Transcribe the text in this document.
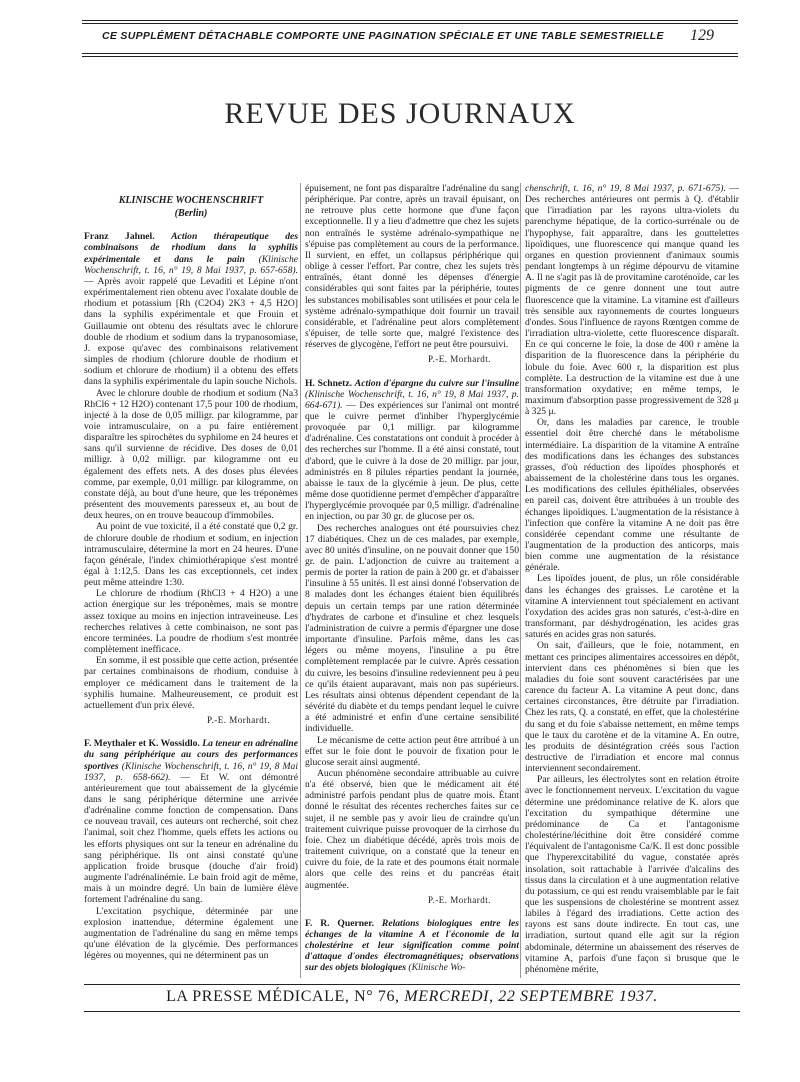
CE SUPPLÉMENT DÉTACHABLE COMPORTE UNE PAGINATION SPÉCIALE ET UNE TABLE SEMESTRIELLE 129
REVUE DES JOURNAUX
KLINISCHE WOCHENSCHRIFT
(Berlin)

Franz Jahnel. Action thérapeutique des combinaisons de rhodium dans la syphilis expérimentale et dans le pain (Klinische Wochenschrift, t. 16, n° 19, 8 Mai 1937, p. 657-658). — Après avoir rappelé que Levaditi et Lépine n'ont expérimentalement rien obtenu avec l'oxalate double de rhodium et potassium [Rh (C2O4) 2K3 + 4,5 H2O] dans la syphilis expérimentale et que Frouin et Guillaumie ont obtenu des résultats avec le chlorure double de rhodium et sodium dans la trypanosomiase, J. expose qu'avec des combinaisons relativement simples de rhodium (chlorure double de rhodium et sodium et chlorure de rhodium) il a obtenu des effets dans la syphilis expérimentale du lapin souche Nichols.

Avec le chlorure double de rhodium et sodium (Na3 RhCl6 + 12 H2O) contenant 17,5 pour 100 de rhodium, injecté à la dose de 0,05 milligr. par kilogramme, par voie intramusculaire, on a pu faire entièrement disparaître les spirochètes du syphilome en 24 heures et sans qu'il survienne de récidive. Des doses de 0,01 milligr. à 0,02 milligr. par kilogramme ont eu également des effets nets. A des doses plus élevées comme, par exemple, 0,01 milligr. par kilogramme, on constate déjà, au bout d'une heure, que les tréponèmes présentent des mouvements paresseux et, au bout de deux heures, on en trouve beaucoup d'immobiles.

Au point de vue toxicité, il a été constaté que 0,2 gr. de chlorure double de rhodium et sodium, en injection intramusculaire, détermine la mort en 24 heures. D'une façon générale, l'index chimiothérapique s'est montré égal à 1:12,5. Dans les cas exceptionnels, cet index peut même atteindre 1:30.

Le chlorure de rhodium (RhCl3 + 4 H2O) a une action énergique sur les tréponèmes, mais se montre assez toxique au moins en injection intraveineuse. Les recherches relatives à cette combinaison, ne sont pas encore terminées. La poudre de rhodium s'est montrée complètement inefficace.

En somme, il est possible que cette action, présentée par certaines combinaisons de rhodium, conduise à employer ce médicament dans le traitement de la syphilis humaine. Malheureusement, ce produit est actuellement d'un prix élevé.

P.-E. Morhardt.

F. Meythaler et K. Wossidlo. La teneur en adrénaline du sang périphérique au cours des performances sportives (Klinische Wochenschrift, t. 16, n° 19, 8 Mai 1937, p. 658-662). — Et W. ont démontré antérieurement que tout abaissement de la glycémie dans le sang périphérique détermine une arrivée d'adrénaline comme fonction de compensation. Dans ce nouveau travail, ces auteurs ont recherché, soit chez l'animal, soit chez l'homme, quels effets les actions ou les efforts physiques ont sur la teneur en adrénaline du sang périphérique. Ils ont ainsi constaté qu'une application froide brusque (douche d'air froid) augmente l'adrénalinémie. Le bain froid agit de même, mais à un moindre degré. Un bain de lumière élève fortement l'adrénaline du sang.

L'excitation psychique, déterminée par une explosion inattendue, détermine également une augmentation de l'adrénaline du sang en même temps qu'une élévation de la glycémie. Des performances légères ou moyennes, qui ne déterminent pas un

épuisement, ne font pas disparaître l'adrénaline du sang périphérique. Par contre, après un travail épuisant, on ne retrouve plus cette hormone que d'une façon exceptionnelle. Il y a lieu d'admettre que chez les sujets non entraînés le système adrénalo-sympathique ne s'épuise pas complètement au cours de la performance. Il survient, en effet, un collapsus périphérique qui oblige à cesser l'effort. Par contre, chez les sujets très entraînés, étant donné les dépenses d'énergie considérables qui sont faites par la périphérie, toutes les substances mobilisables sont utilisées et pour cela le système adrénalo-sympathique doit fournir un travail considérable, et l'adrénaline peut alors complètement s'épuiser, de telle sorte que, malgré l'existence des réserves de glycogène, l'effort ne peut être poursuivi.

P.-E. Morhardt.

H. Schnetz. Action d'épargne du cuivre sur l'insuline (Klinische Wochenschrift, t. 16, n° 19, 8 Mai 1937, p. 664-671). — Des expériences sur l'animal ont montré que le cuivre permet d'inhiber l'hyperglycémie provoquée par 0,1 milligr. par kilogramme d'adrénaline. Ces constatations ont conduit à procéder à des recherches sur l'homme. Il a été ainsi constaté, tout d'abord, que le cuivre à la dose de 20 milligr. par jour, administrés en 8 pilules réparties pendant la journée, abaisse le taux de la glycémie à jeun. De plus, cette même dose quotidienne permet d'empêcher d'apparaître l'hyperglycémie provoquée par 0,5 milligr. d'adrénaline en injection, ou par 30 gr. de glucose per os.

Des recherches analogues ont été poursuivies chez 17 diabétiques. Chez un de ces malades, par exemple, avec 80 unités d'insuline, on ne pouvait donner que 150 gr. de pain. L'adjonction de cuivre au traitement a permis de porter la ration de pain à 200 gr. et d'abaisser l'insuline à 55 unités. Il est ainsi donné l'observation de 8 malades dont les échanges étaient bien équilibrés depuis un certain temps par une ration déterminée d'hydrates de carbone et d'insuline et chez lesquels l'administration de cuivre a permis d'épargner une dose importante d'insuline. Parfois même, dans les cas légers ou même moyens, l'insuline a pu être complètement remplacée par le cuivre. Après cessation du cuivre, les besoins d'insuline redeviennent peu à peu ce qu'ils étaient auparavant, mais non pas supérieurs. Les résultats ainsi obtenus dépendent cependant de la sévérité du diabète et du temps pendant lequel le cuivre a été administré et enfin d'une certaine sensibilité individuelle.

Le mécanisme de cette action peut être attribué à un effet sur le foie dont le pouvoir de fixation pour le glucose serait ainsi augmenté.

Aucun phénomène secondaire attribuable au cuivre n'a été observé, bien que le médicament ait été administré parfois pendant plus de quatre mois. Étant donné le résultat des récentes recherches faites sur ce sujet, il ne semble pas y avoir lieu de craindre qu'un traitement cuivrique puisse provoquer de la cirrhose du foie. Chez un diabétique décédé, après trois mois de traitement cuivrique, on a constaté que la teneur en cuivre du foie, de la rate et des poumons était normale alors que celle des reins et du pancréas était augmentée.

P.-E. Morhardt.

F. R. Querner. Relations biologiques entre les échanges de la vitamine A et l'économie de la cholestérine et leur signification comme point d'attaque d'ondes électromagnétiques; observations sur des objets biologiques (Klinische Wo-

chenschrift, t. 16, n° 19, 8 Mai 1937, p. 671-675). — Des recherches antérieures ont permis à Q. d'établir que l'irradiation par les rayons ultra-violets du parenchyme hépatique, de la cortico-surrénale ou de l'hypophyse, fait apparaître, dans les gouttelettes lipoïdiques, une fluorescence qui manque quand les organes en question proviennent d'animaux soumis pendant longtemps à un régime dépourvu de vitamine A. Il ne s'agit pas là de provitamine caroténoïde, car les pigments de ce genre donnent une tout autre fluorescence que la vitamine. La vitamine est d'ailleurs très sensible aux rayonnements de courtes longueurs d'ondes. Sous l'influence de rayons Rœntgen comme de l'irradiation ultra-violette, cette fluorescence disparaît. En ce qui concerne le foie, la dose de 400 r amène la disparition de la fluorescence dans la périphérie du lobule du foie. Avec 600 r, la disparition est plus complète. La destruction de la vitamine est due à une transformation oxydative; en même temps, le maximum d'absorption passe progressivement de 328 μ à 325 μ.

Or, dans les maladies par carence, le trouble essentiel doit être cherché dans le métabolisme intermédiaire. La disparition de la vitamine A entraîne des modifications dans les échanges des substances grasses, d'où réduction des lipoïdes phosphorés et abaissement de la cholestérine dans tous les organes. Les modifications des cellules épithéliales, observées en pareil cas, doivent être attribuées à un trouble des échanges lipoïdiques. L'augmentation de la résistance à l'infection que confère la vitamine A ne doit pas être considérée cependant comme une résultante de l'augmentation de la production des anticorps, mais bien comme une augmentation de la résistance générale.

Les lipoïdes jouent, de plus, un rôle considérable dans les échanges des graisses. Le carotène et la vitamine A interviennent tout spécialement en activant l'oxydation des acides gras non saturés, c'est-à-dire en transformant, par déshydrogénation, les acides gras saturés en acides gras non saturés.

On sait, d'ailleurs, que le foie, notamment, en mettant ces principes alimentaires accessoires en dépôt, intervient dans ces phénomènes si bien que les maladies du foie sont souvent caractérisées par une carence du facteur A. La vitamine A peut donc, dans certaines circonstances, être détruite par l'irradiation. Chez les rats, Q. a constaté, en effet, que la cholestérine du sang et du foie s'abaisse nettement, en même temps que le taux du carotène et de la vitamine A. En outre, les produits de désintégration créés sous l'action destructive de l'irradiation et encore mal connus interviennent secondairement.

Par ailleurs, les électrolytes sont en relation étroite avec le fonctionnement nerveux. L'excitation du vague détermine une prédominance relative de K. alors que l'excitation du sympathique détermine une prédominance de Ca et l'antagonisme cholestérine/lécithine doit être considéré comme l'équivalent de l'antagonisme Ca/K. Il est donc possible que l'hyperexcitabilité du vague, constatée après insolation, soit rattachable à l'arrivée d'alcalins des tissus dans la circulation et à une augmentation relative du potassium, ce qui est rendu vraisemblable par le fait que les suspensions de cholestérine se montrent assez labiles à l'égard des irradiations. Cette action des rayons est sans doute indirecte. En tout cas, une irradiation, surtout quand elle agit sur la région abdominale, détermine un abaissement des réserves de vitamine A, parfois d'une façon si brusque que le phénomène mérite,

LA PRESSE MÉDICALE, N° 76, MERCREDI, 22 SEPTEMBRE 1937.
